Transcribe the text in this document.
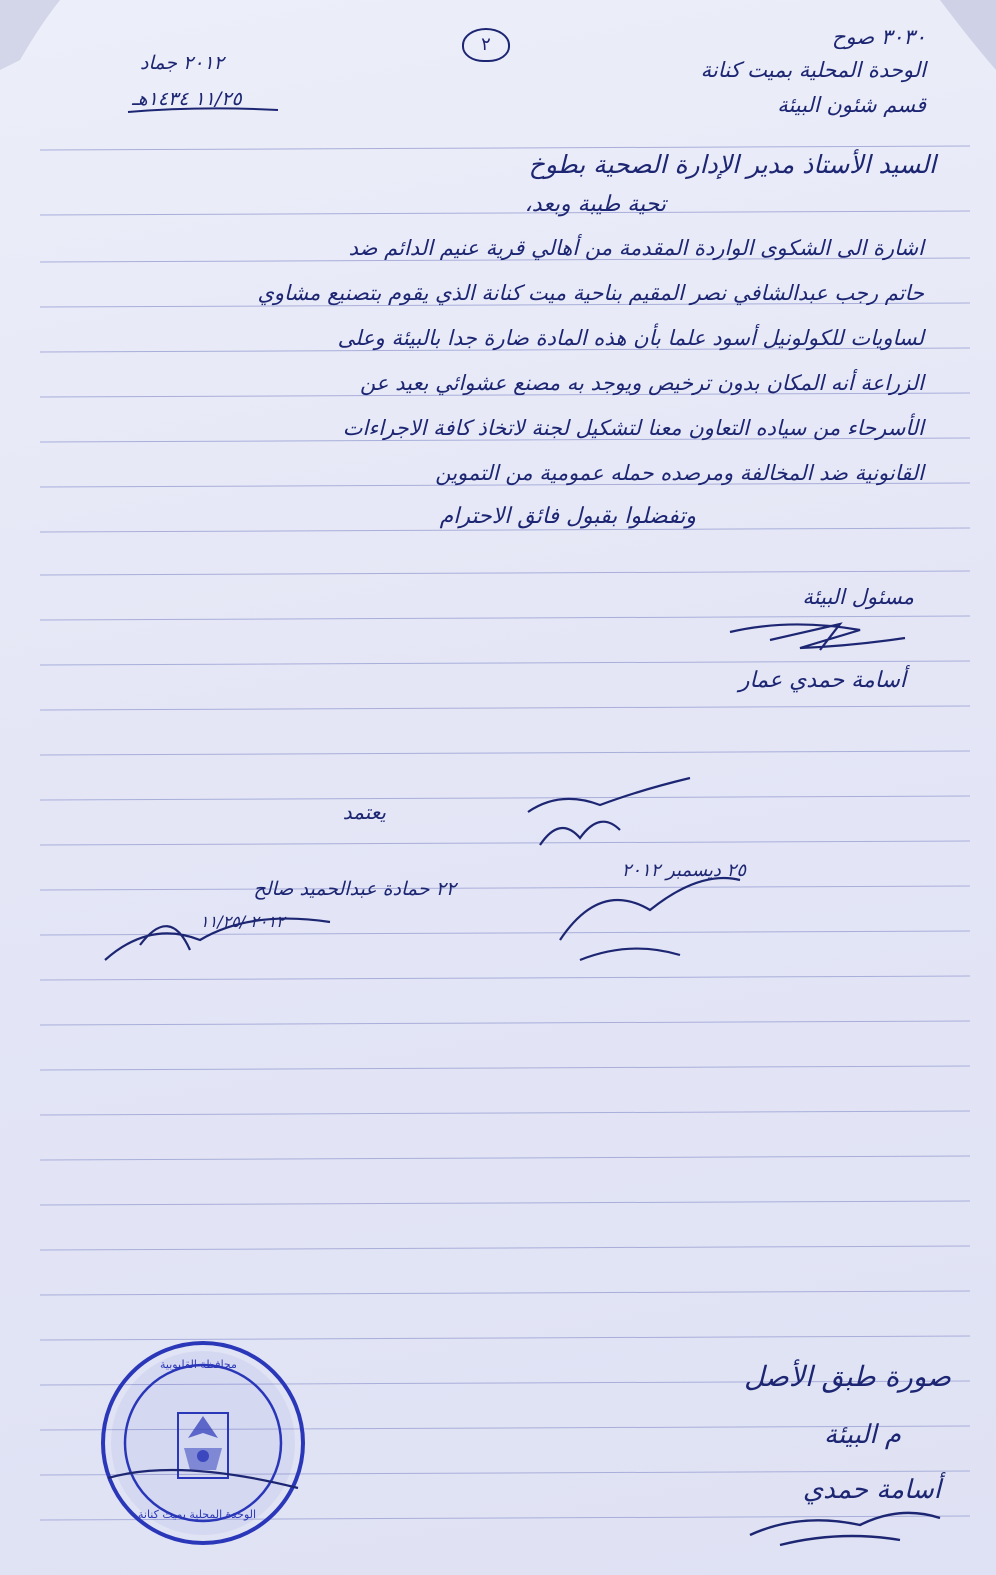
٣٠٣٠ صوح
الوحدة المحلية بميت كنانة
قسم شئون البيئة
٢
٢٠١٢ جماد
١١/٢٥ ١٤٣٤هـ
السيد الأستاذ مدير الإدارة الصحية بطوخ
تحية طيبة وبعد،
اشارة الى الشكوى الواردة المقدمة من أهالي قرية عنيم الدائم ضد
حاتم رجب عبدالشافي نصر المقيم بناحية ميت كنانة الذي يقوم بتصنيع مشاوي
لساويات للكولونيل أسود علما بأن هذه المادة ضارة جدا بالبيئة وعلى
الزراعة أنه المكان بدون ترخيص ويوجد به مصنع عشوائي بعيد عن
الأسرحاء من سياده التعاون معنا لتشكيل لجنة لاتخاذ كافة الاجراءات
القانونية ضد المخالفة ومرصده حمله عمومية من التموين
وتفضلوا بقبول فائق الاحترام
مسئول البيئة
أسامة حمدي عمار
يعتمد
٢٢ حمادة عبدالحميد صالح
٢٠١٢ /١١/٢٥
٢٥ ديسمبر ٢٠١٢
صورة طبق الأصل
م البيئة
أسامة حمدي
محافظة القليوبية
الوحدة المحلية بميت كنانة
